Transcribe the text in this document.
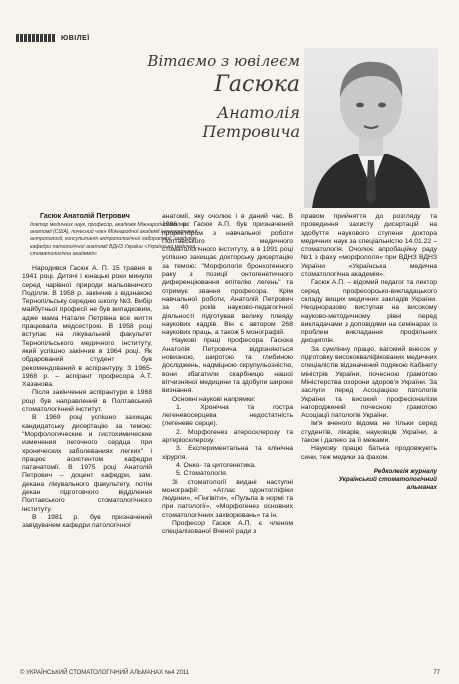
ЮВІЛЕЇ
Вітаємо з ювілеєм
Гасюка
Анатолія Петровича
Гасюк Анатолій Петрович
доктор медичних наук, професор, академік Міжнародної академії анатомії (США), почесний член Міжнародної академії інтегративної антропології, консультант антропологічної лабораторії, завідувач кафедри патологічної анатомії ВДНЗ України «Українська медична стоматологічна академія»

Народився Гасюк А. П. 15 травня в 1941 році. Дитячі і юнацькі роки минули серед чарівної природи мальовничого Поділля. В 1958 р. закінчив з відзнакою Тернопільську середню школу №3. Вибір майбутньої професії не був випадковим, адже мама Наталя Петрівна все життя працювала медсестрою. В 1958 році вступає на лікувальний факультет Тернопільського медичного інституту, який успішно закінчив в 1964 році. Як обдарований студент був рекомендований в аспірантуру. З 1965-1968 р. – аспірант професора А.Т. Хазанова.

Після закінчення аспірантури в 1968 році був направлений в Полтавський стоматологічний інститут.

В 1969 році успішно захищає кандидатську дисертацію за темою: "Морфологические и гистохимические изменения легочного сердца при хронических заболеваниях легких" і працює асистентом кафедри патанатомії. В 1975 році Анатолій Петрович – доцент кафедри, зам. декана лікувального факультету, потім декан підготовчого відділення Полтавського стоматологічного інституту.

В 1981 р. був призначений завідувачем кафедри патологічної

анатомії, яку очолює і в даний час. В 1986 р. Гасюк А.П. був призначений проректором з навчальної роботи Полтавського медичного стоматологічного інституту, а в 1991 році успішно захищає докторську дисертацію за темою: "Морфологія бронхогенного раку з позиції онтогенетичного диференціювання епітелію легень" та отримує звання професора. Крім навчальної роботи, Анатолій Петрович за 40 років науково-педагогічної діяльності підготував велику плеяду наукових кадрів. Він є автором 268 наукових праць, а також 5 монографій.

Наукові праці професора Гасюка Анатолія Петровича відрізняються новизною, широтою та глибиною досліджень, надміцною скрупульозністю, вони збагатили скарбницю нашої вітчизняної медицини та здобули широке визнання.

Основні наукові напрямки:

1. Хронічна та гостра легеневосерцева недостатність (легеневе серце).

2. Морфогенез атеросклерозу та артеріосклерозу.

3. Експериментальна та клінічна хірургія.

4. Онко- та цитогенетика.

5. Стоматологія.

Зі стоматології видані наступні монографії: «Атлас одонтогліфіки людини», «Гінгівіти», «Пульпа в нормі та при патології», «Морфогенез основних стоматологічних захворювань» та ін.

Професор Гасюк А.П. є членом спеціалізованої Вченої ради з

правом прийняття до розгляду та проведення захисту дисертацій на здобуття наукового ступеня доктора медичних наук за спеціальністю 14.01.22 – стоматологія. Очолює апробаційну раду №1 з фаху «морфологія» при ВДНЗ ВДНЗ України «Українська медична стоматологічна академія».

Гасюк А.П. – відомий педагог та лектор серед професорсько-викладацького складу вищих медичних закладів України. Неодноразово виступав на високому науково-методичному рівні перед викладачами з доповідями на семінарах із проблем викладання профільних дисциплін.

За сумлінну працю, вагомий внесок у підготовку висококваліфікованих медичних спеціалістів відзначений подякою Кабінету міністрів України, почесною грамотою Міністерства охорони здоров'я України. За заслуги перед Асоціацією патологів України та високий професіоналізм нагороджений почесною грамотою Асоціації патологів України.

Ім'я вченого відома не тільки серед студентів, лікарів, науковців України, а також і далеко за її межами.

Наукову працю батька продовжують сини, теж медики за фахом.

Редколегія журналу
Український стоматологічний
альманах
© УКРАЇНСЬКИЙ СТОМАТОЛОГІЧНИЙ АЛЬМАНАХ №4 2011	77
